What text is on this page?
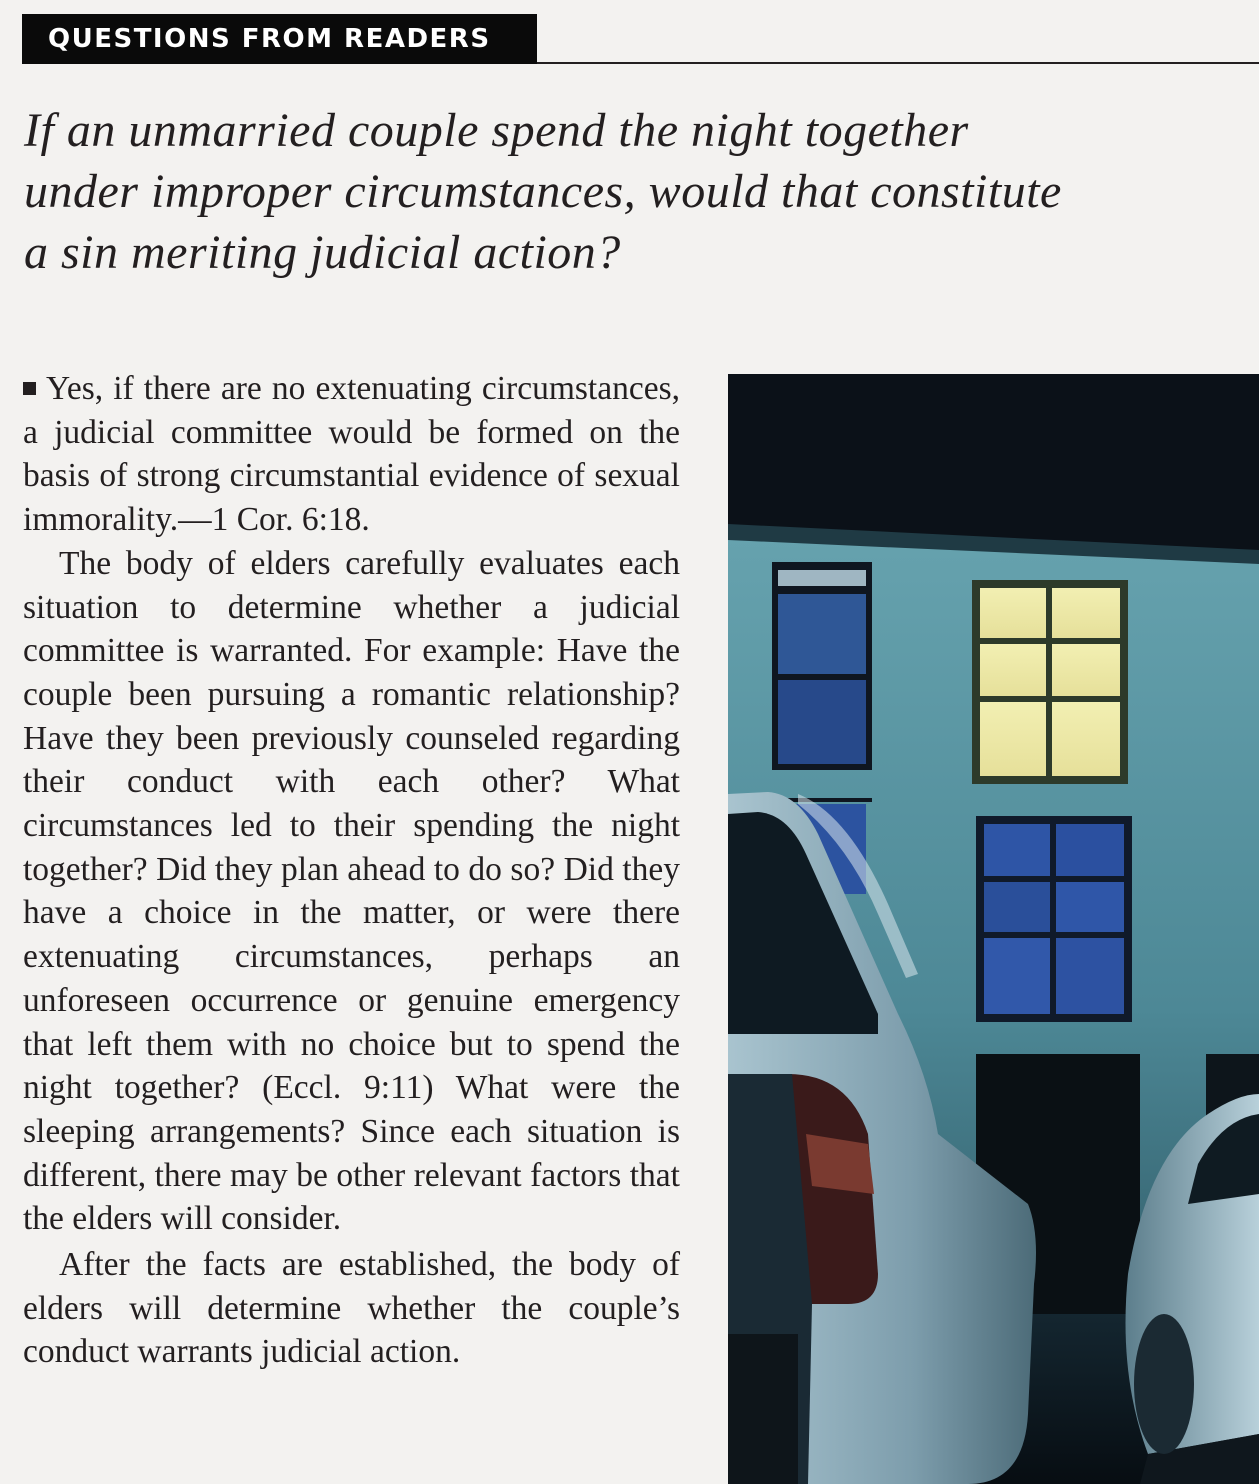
QUESTIONS FROM READERS
If an unmarried couple spend the night together
under improper circumstances, would that constitute
a sin meriting judicial action?

Yes, if there are no extenuating circumstances, a judicial committee would be formed on the basis of strong circumstantial evidence of sexual immorality.—1 Cor. 6:18.

The body of elders carefully evaluates each situation to determine whether a judicial committee is warranted. For example: Have the couple been pursuing a romantic relationship? Have they been previously counseled regarding their conduct with each other? What circumstances led to their spending the night together? Did they plan ahead to do so? Did they have a choice in the matter, or were there extenuating circumstances, perhaps an unforeseen occurrence or genuine emergency that left them with no choice but to spend the night together? (Eccl. 9:11) What were the sleeping arrangements? Since each situation is different, there may be other relevant factors that the elders will consider.

After the facts are established, the body of elders will determine whether the couple’s conduct warrants judicial action.
